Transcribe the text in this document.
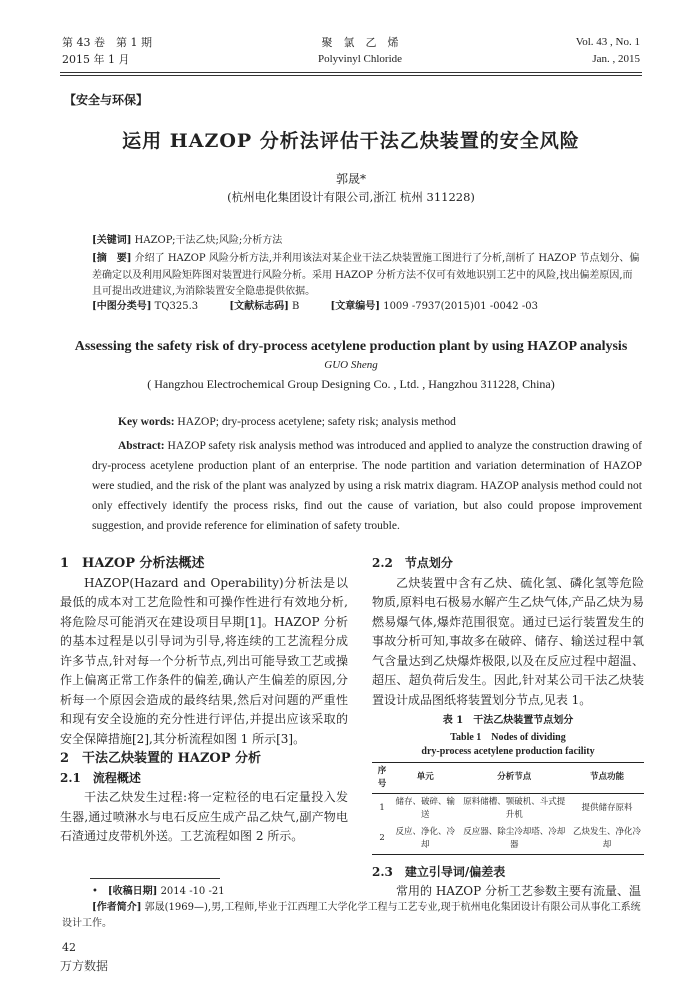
第 43 卷　第 1 期
2015 年 1 月
聚　氯　乙　烯
Polyvinyl Chloride
Vol. 43 , No. 1
Jan. , 2015
【安全与环保】
运用 HAZOP 分析法评估干法乙炔装置的安全风险
郭晟*
(杭州电化集团设计有限公司,浙江 杭州 311228)
[关键词] HAZOP;干法乙炔;风险;分析方法
[摘　要] 介绍了 HAZOP 风险分析方法,并利用该法对某企业干法乙炔装置施工图进行了分析,剖析了 HAZOP 节点划分、偏差确定以及利用风险矩阵图对装置进行风险分析。采用 HAZOP 分析方法不仅可有效地识别工艺中的风险,找出偏差原因,而且可提出改进建议,为消除装置安全隐患提供依据。
[中图分类号] TQ325.3	[文献标志码] B	[文章编号] 1009 -7937(2015)01 -0042 -03
Assessing the safety risk of dry-process acetylene production plant by using HAZOP analysis
GUO Sheng
( Hangzhou Electrochemical Group Designing Co. , Ltd. , Hangzhou 311228, China)
Key words: HAZOP; dry-process acetylene; safety risk; analysis method
Abstract: HAZOP safety risk analysis method was introduced and applied to analyze the construction drawing of dry-process acetylene production plant of an enterprise. The node partition and variation determination of HAZOP were studied, and the risk of the plant was analyzed by using a risk matrix diagram. HAZOP analysis method could not only effectively identify the process risks, find out the cause of variation, but also could propose improvement suggestion, and provide reference for elimination of safety trouble.

1　HAZOP 分析法概述

HAZOP(Hazard and Operability)分析法是以最低的成本对工艺危险性和可操作性进行有效地分析,将危险尽可能消灭在建设项目早期[1]。HAZOP 分析的基本过程是以引导词为引导,将连续的工艺流程分成许多节点,针对每一个分析节点,列出可能导致工艺或操作上偏离正常工作条件的偏差,确认产生偏差的原因,分析每一个原因会造成的最终结果,然后对问题的严重性和现有安全设施的充分性进行评估,并提出应该采取的安全保障措施[2],其分析流程如图 1 所示[3]。

2　干法乙炔装置的 HAZOP 分析

2.1　流程概述

干法乙炔发生过程:将一定粒径的电石定量投入发生器,通过喷淋水与电石反应生成产品乙炔气,副产物电石渣通过皮带机外送。工艺流程如图 2 所示。

2.2　节点划分

乙炔装置中含有乙炔、硫化氢、磷化氢等危险物质,原料电石极易水解产生乙炔气体,产品乙炔为易燃易爆气体,爆炸范围很宽。通过已运行装置发生的事故分析可知,事故多在破碎、储存、输送过程中氧气含量达到乙炔爆炸极限,以及在反应过程中超温、超压、超负荷后发生。因此,针对某公司干法乙炔装置设计成品图纸将装置划分节点,见表 1。

表 1　干法乙炔装置节点划分

Table 1　Nodes of dividing

dry-process acetylene production facility

序号	单元	分析节点	节点功能
1	储存、破碎、输送	原料储槽、颚破机、斗式提升机	提供储存原料
2	反应、净化、冷却	反应器、除尘冷却塔、冷却器	乙炔发生、净化冷却

2.3　建立引导词/偏差表

常用的 HAZOP 分析工艺参数主要有流量、温

•　[收稿日期] 2014 -10 -21
[作者简介] 郭晟(1969—),男,工程师,毕业于江西理工大学化学工程与工艺专业,现于杭州电化集团设计有限公司从事化工系统设计工作。
42
万方数据
